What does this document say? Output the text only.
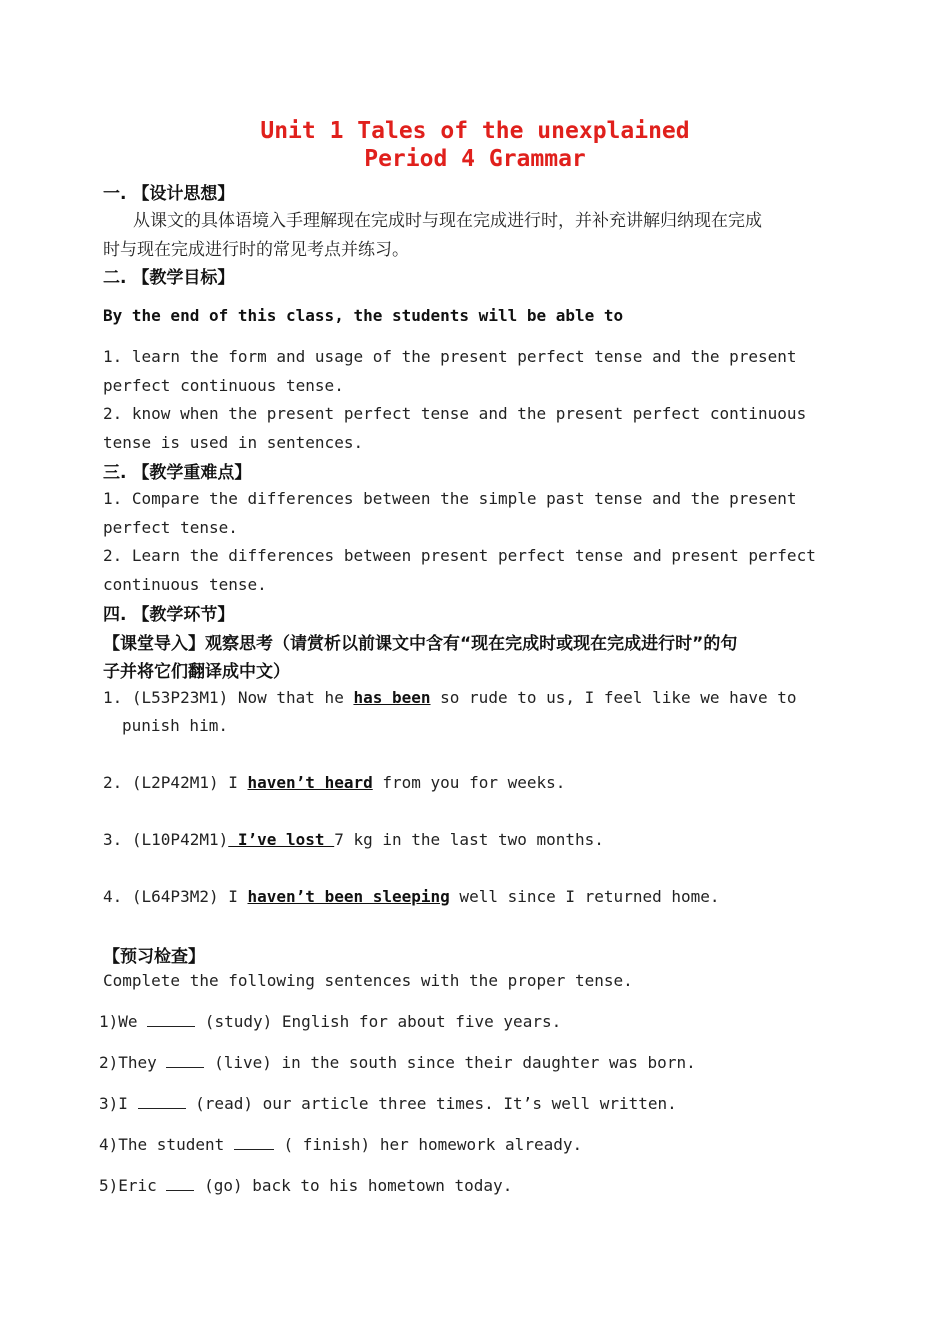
Unit 1 Tales of the unexplained
Period 4 Grammar
一. 【设计思想】
从课文的具体语境入手理解现在完成时与现在完成进行时，并补充讲解归纳现在完成
时与现在完成进行时的常见考点并练习。
二. 【教学目标】
By the end of this class, the students will be able to
1. learn the form and usage of the present perfect tense and the present
perfect continuous tense.
2. know when the present perfect tense and the present perfect continuous
tense is used in sentences.
三. 【教学重难点】
1. Compare the differences between the simple past tense and the present
perfect tense.
2. Learn the differences between present perfect tense and present perfect
continuous tense.
四. 【教学环节】
【课堂导入】观察思考（请赏析以前课文中含有“现在完成时或现在完成进行时”的句
子并将它们翻译成中文）
1. (L53P23M1) Now that he has been so rude to us, I feel like we have to
punish him.
2. (L2P42M1) I haven’t heard from you for weeks.
3. (L10P42M1) I’ve lost 7 kg in the last two months.
4. (L64P3M2) I haven’t been sleeping well since I returned home.
【预习检查】
Complete the following sentences with the proper tense.
1)We	(study) English for about five years.
2)They  (live) in the south since their daughter was born.
3)I	(read) our article three times. It’s well written.
4)The student	( finish) her homework already.
5)Eric  (go) back to his hometown today.
